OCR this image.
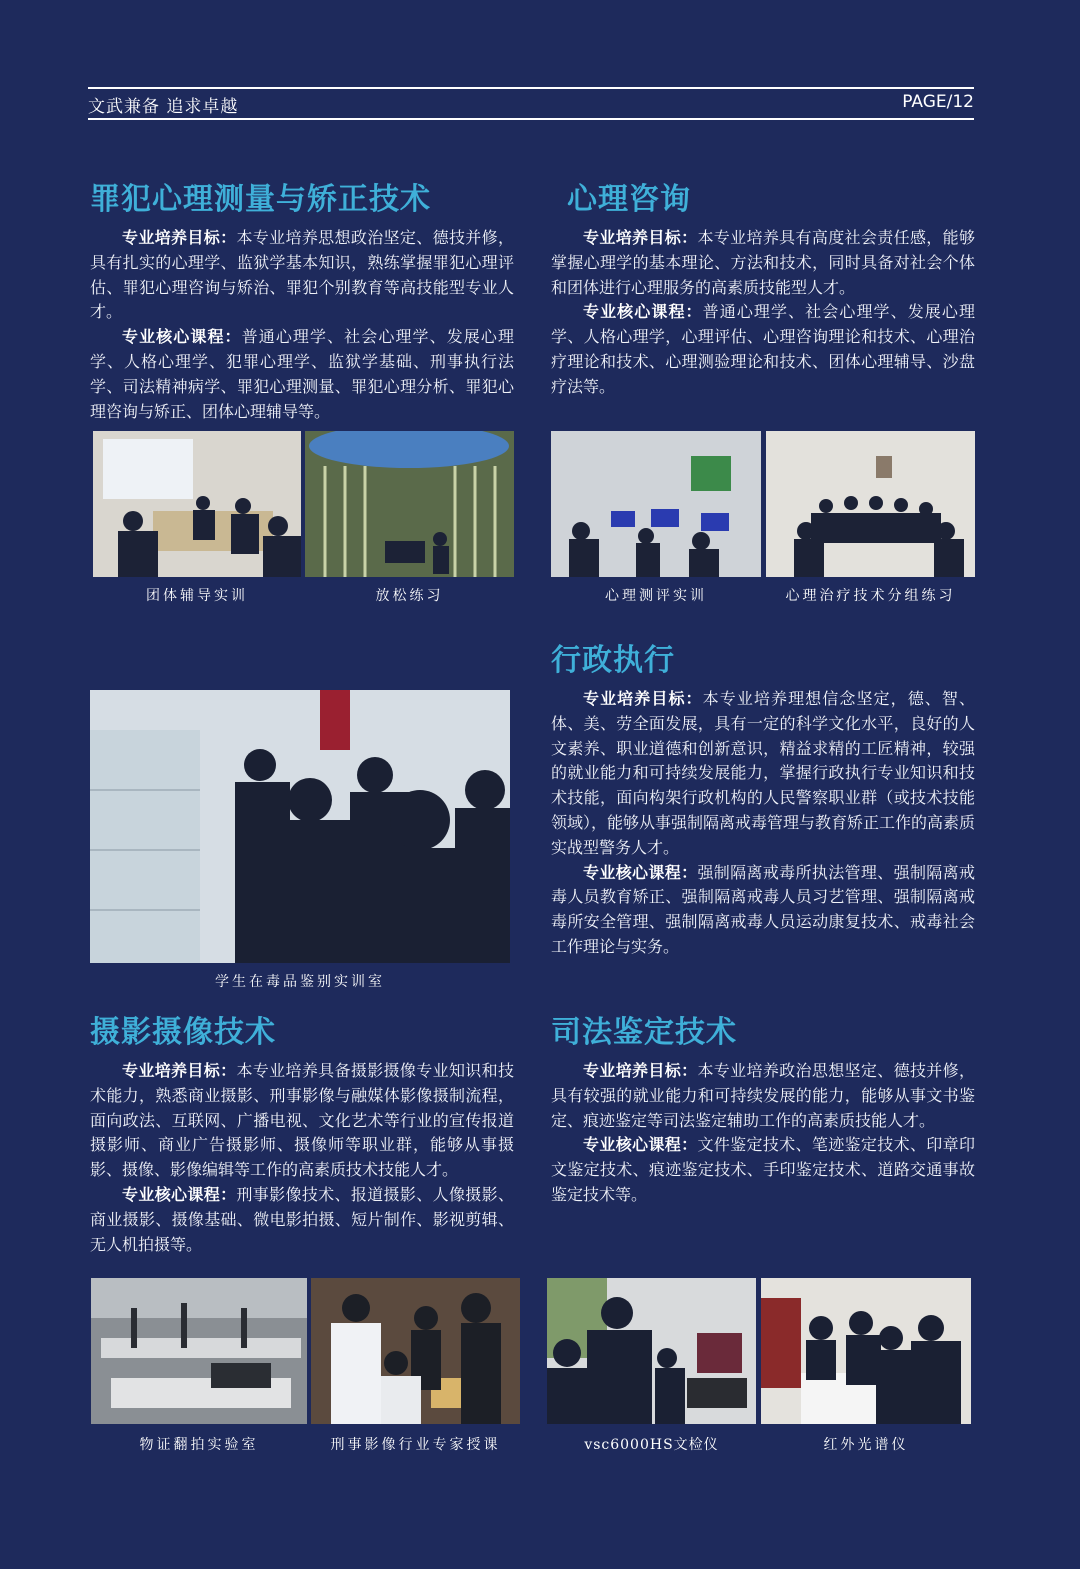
文武兼备 追求卓越	PAGE/12
罪犯心理测量与矫正技术

专业培养目标：本专业培养思想政治坚定、德技并修，具有扎实的心理学、监狱学基本知识，熟练掌握罪犯心理评估、罪犯心理咨询与矫治、罪犯个别教育等高技能型专业人才。

专业核心课程：普通心理学、社会心理学、发展心理学、人格心理学、犯罪心理学、监狱学基础、刑事执行法学、司法精神病学、罪犯心理测量、罪犯心理分析、罪犯心理咨询与矫正、团体心理辅导等。

心理咨询

专业培养目标：本专业培养具有高度社会责任感，能够掌握心理学的基本理论、方法和技术，同时具备对社会个体和团体进行心理服务的高素质技能型人才。

专业核心课程：普通心理学、社会心理学、发展心理学、人格心理学，心理评估、心理咨询理论和技术、心理治疗理论和技术、心理测验理论和技术、团体心理辅导、沙盘疗法等。

团体辅导实训	放松练习	心理测评实训	心理治疗技术分组练习
学生在毒品鉴别实训室
行政执行

专业培养目标：本专业培养理想信念坚定，德、智、体、美、劳全面发展，具有一定的科学文化水平，良好的人文素养、职业道德和创新意识，精益求精的工匠精神，较强的就业能力和可持续发展能力，掌握行政执行专业知识和技术技能，面向构架行政机构的人民警察职业群（或技术技能领域），能够从事强制隔离戒毒管理与教育矫正工作的高素质实战型警务人才。

专业核心课程：强制隔离戒毒所执法管理、强制隔离戒毒人员教育矫正、强制隔离戒毒人员习艺管理、强制隔离戒毒所安全管理、强制隔离戒毒人员运动康复技术、戒毒社会工作理论与实务。

摄影摄像技术

专业培养目标：本专业培养具备摄影摄像专业知识和技术能力，熟悉商业摄影、刑事影像与融媒体影像摄制流程，面向政法、互联网、广播电视、文化艺术等行业的宣传报道摄影师、商业广告摄影师、摄像师等职业群，能够从事摄影、摄像、影像编辑等工作的高素质技术技能人才。

专业核心课程：刑事影像技术、报道摄影、人像摄影、商业摄影、摄像基础、微电影拍摄、短片制作、影视剪辑、无人机拍摄等。

司法鉴定技术

专业培养目标：本专业培养政治思想坚定、德技并修，具有较强的就业能力和可持续发展的能力，能够从事文书鉴定、痕迹鉴定等司法鉴定辅助工作的高素质技能人才。

专业核心课程：文件鉴定技术、笔迹鉴定技术、印章印文鉴定技术、痕迹鉴定技术、手印鉴定技术、道路交通事故鉴定技术等。

物证翻拍实验室	刑事影像行业专家授课	vsc6000HS文检仪	红外光谱仪
